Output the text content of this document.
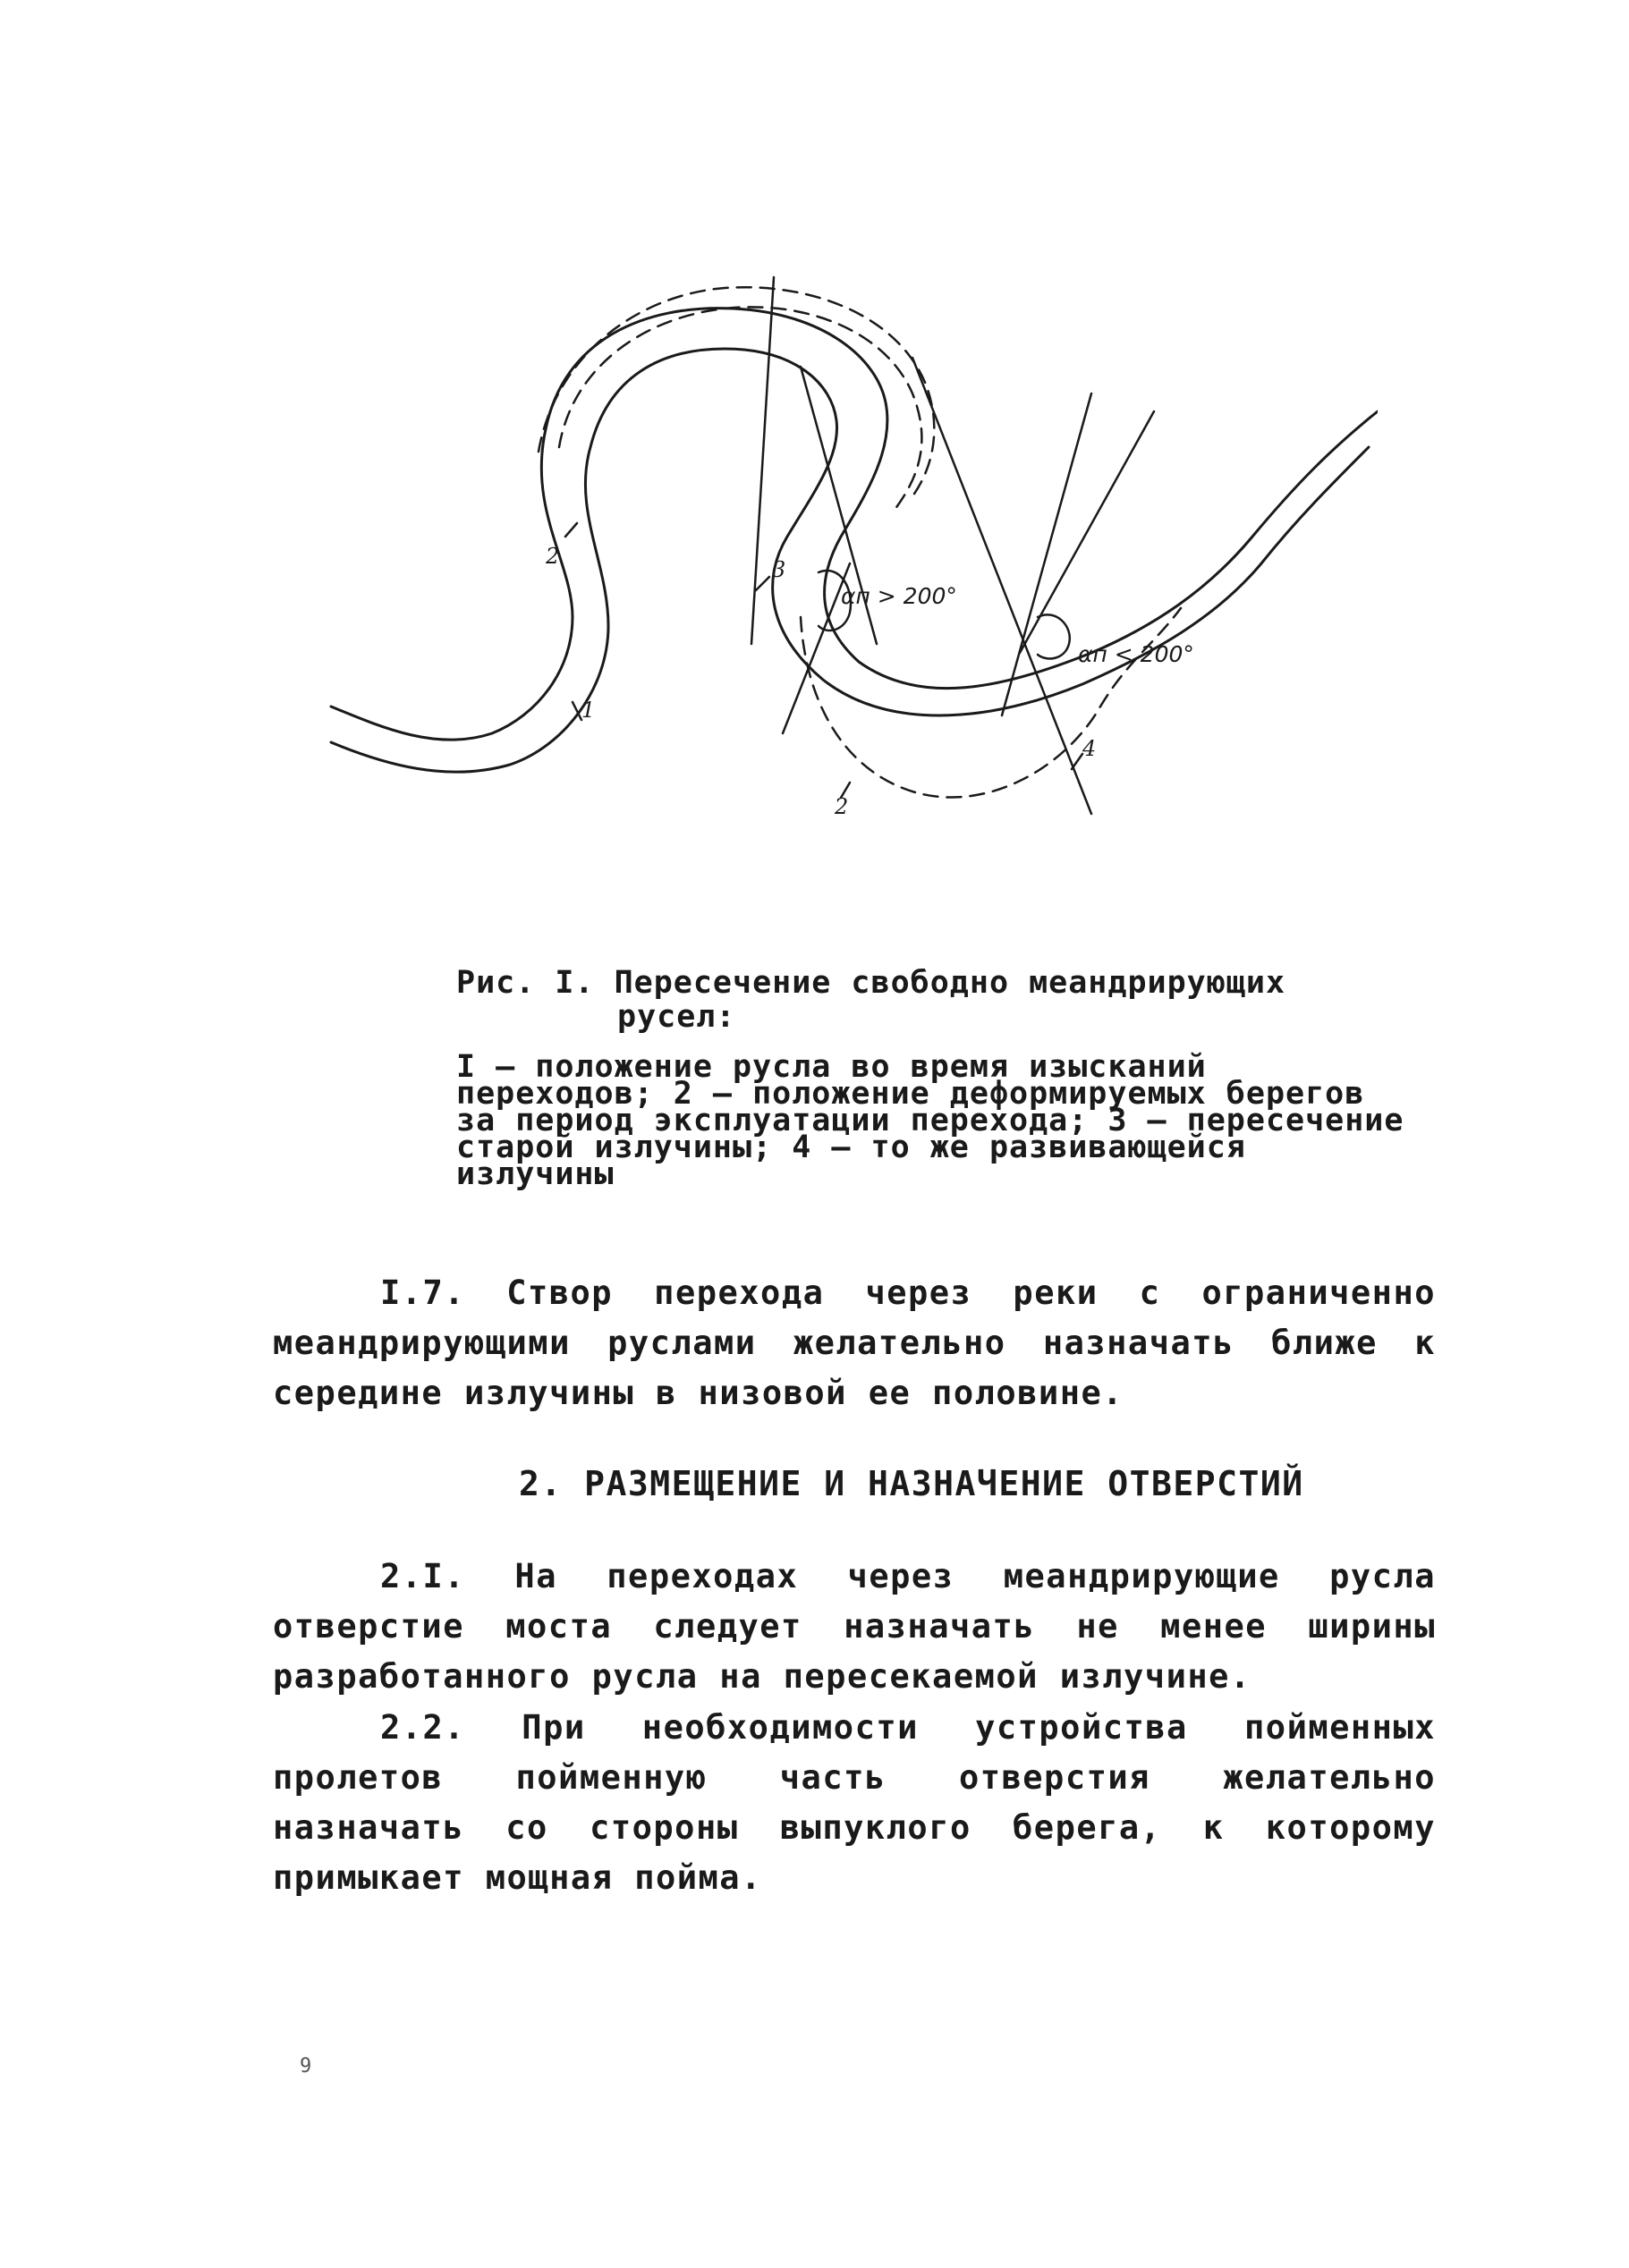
1
2
3
4
2
αп > 200°
αп < 200°
Рис. I. Пересечение свободно меандрирующих
русел:
I – положение русла во время изысканий переходов; 2 – положение деформируемых берегов за период эксплуатации перехода; 3 – пересечение старой излучины; 4 – то же развивающейся излучины
I.7. Створ перехода через реки с ограниченно меандрирующими руслами желательно назначать ближе к середине излучины в низовой ее половине.
2. РАЗМЕЩЕНИЕ И НАЗНАЧЕНИЕ ОТВЕРСТИЙ
2.I. На переходах через меандрирующие русла отверстие моста следует назначать не менее ширины разработанного русла на пересекаемой излучине.
2.2. При необходимости устройства пойменных пролетов пойменную часть отверстия желательно назначать со стороны выпуклого берега, к которому примыкает мощная пойма.
9
